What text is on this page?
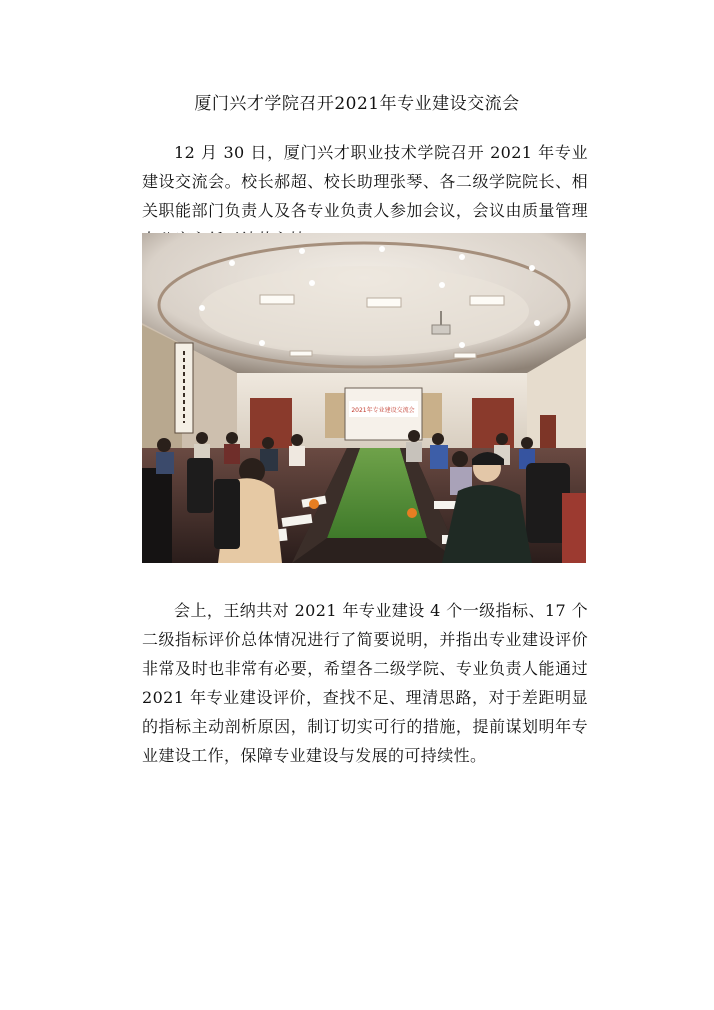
厦门兴才学院召开2021年专业建设交流会

12 月 30 日，厦门兴才职业技术学院召开 2021 年专业建设交流会。校长郝超、校长助理张琴、各二级学院院长、相关职能部门负责人及各专业负责人参加会议，会议由质量管理

2021年专业建设交流会

会上，王纳共对 2021 年专业建设 4 个一级指标、17 个二级指标评价总体情况进行了简要说明，并指出专业建设评价非常及时也非常有必要，希望各二级学院、专业负责人能通过 2021 年专业建设评价，查找不足、理清思路，对于差距明显的指标主动剖析原因，制订切实可行的措施，提前谋划明年专业建设工作，保障专业建设与发展的可持续性。
